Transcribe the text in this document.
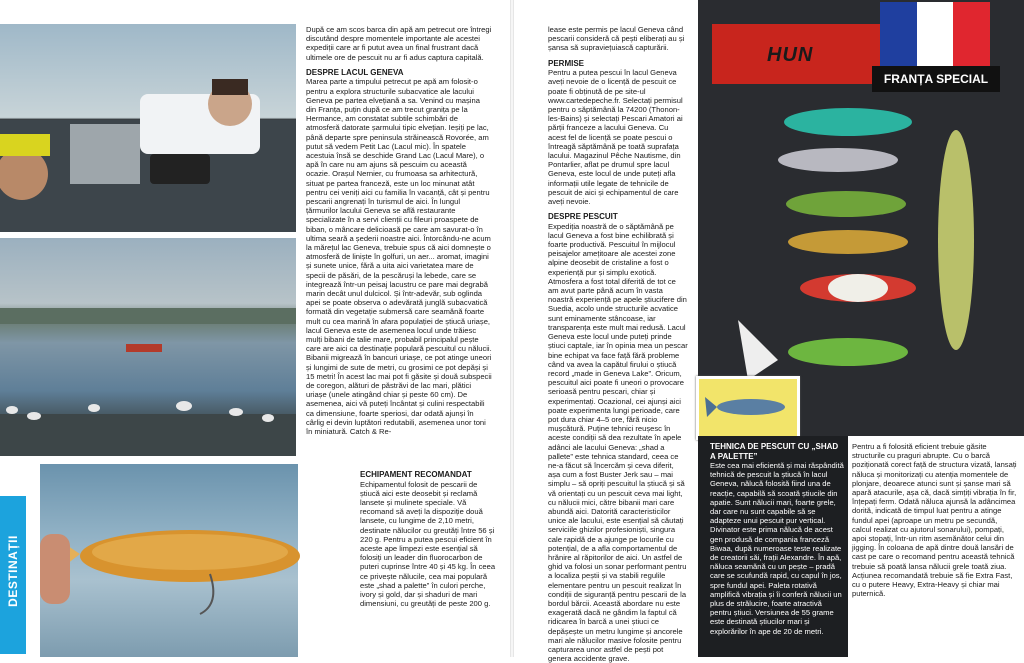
DESTINAȚII

După ce am scos barca din apă am petrecut ore întregi discutând despre momentele importante ale acestei expediții care ar fi putut avea un final frustrant dacă ultimele ore de pescuit nu ar fi adus captura capitală.

DESPRE LACUL GENEVA

Marea parte a timpului petrecut pe apă am folosit-o pentru a explora structurile subacvatice ale lacului Geneva pe partea elvețiană a sa. Venind cu mașina din Franța, puțin după ce am trecut granița pe la Hermance, am constatat subtile schimbări de atmosferă datorate șarmului tipic elvețian. Ieșiți pe lac, până departe spre peninsula străinească Rovorée, am putut să vedem Petit Lac (Lacul mic). În spatele acestuia însă se deschide Grand Lac (Lacul Mare), o apă în care nu am ajuns să pescuim cu această ocazie. Orașul Nernier, cu frumoasa sa arhitectură, situat pe partea franceză, este un loc minunat atât pentru cei veniți aici cu familia în vacanță, cât și pentru pescarii angrenați în turismul de aici. În lungul țărmurilor lacului Geneva se află restaurante specializate în a servi clienții cu fileuri proaspete de biban, o mâncare delicioasă pe care am savurat-o în ultima seară a șederii noastre aici. Întorcându-ne acum la mărețul lac Geneva, trebuie spus că aici domnește o atmosferă de liniște în golfuri, un aer... aromat, imagini și sunete unice, fără a uita aici varietatea mare de specii de păsări, de la pescăruși la lebede, care se integrează într-un peisaj lacustru ce pare mai degrabă marin decât unul dulcicol. Și într-adevăr, sub oglinda apei se poate observa o adevărată junglă subacvatică formată din vegetație submersă care seamănă foarte mult cu cea marină în afara populației de știucă uriașe, lacul Geneva este de asemenea locul unde trăiesc mulți bibani de talie mare, probabil principalul pește care are aici ca destinație populară pescuitul cu nălucii. Bibanii migrează în bancuri uriașe, ce pot atinge uneori și lungimi de sute de metri, cu grosimi ce pot depăși și 15 metri! În acest lac mai pot fi găsite și două subspecii de coregon, alături de păstrăvi de lac mari, plătici uriașe (unele atingând chiar și peste 60 cm). De asemenea, aici vă puteți încântat și culini respectabili ca dimensiune, foarte speriosi, dar odată ajunși în cârlig ei devin luptători redutabili, asemenea unor toni în miniatură. Catch & Re-

ECHIPAMENT RECOMANDAT

Echipamentul folosit de pescarii de știucă aici este deosebit și reclamă lansete și mulinete speciale. Vă recomand să aveți la dispoziție două lansete, cu lungime de 2,10 metri, destinate nălucilor cu greutăți între 56 și 220 g. Pentru a putea pescui eficient în aceste ape limpezi este esențial să folosiți un leader din fluorocarbon de puteri cuprinse între 40 și 45 kg. În ceea ce privește nălucile, cea mai populară este „shad a palette” în culori perche, ivory și gold, dar și shaduri de mari dimensiuni, cu greutăți de peste 200 g.

lease este permis pe lacul Geneva când pescarii consideră că pești eliberați au și șansa să supraviețuiască capturării.

PERMISE

Pentru a putea pescui în lacul Geneva aveți nevoie de o licență de pescuit ce poate fi obținută de pe site-ul www.cartedepeche.fr. Selectați permisul pentru o săptămână la 74200 (Thonon-les-Bains) și selectați Pescari Amatori ai părții franceze a lacului Geneva. Cu acest fel de licență se poate pescui o întreagă săptămână pe toată suprafața lacului. Magazinul Pêche Nautisme, din Pontarlier, aflat pe drumul spre lacul Geneva, este locul de unde puteți afla informații utile legate de tehnicile de pescuit de aici și echipamentul de care aveți nevoie.

DESPRE PESCUIT

Expediția noastră de o săptămână pe lacul Geneva a fost bine echilibrată și foarte productivă. Pescuitul în mijlocul peisajelor amețitoare ale acestei zone alpine deosebit de cristaline a fost o experiență pur și simplu exotică. Atmosfera a fost total diferită de tot ce am avut parte până acum în vasta noastră experiență pe apele știucifere din Suedia, acolo unde structurile acvatice sunt eminamente stâncoase, iar transparența este mult mai redusă. Lacul Geneva este locul unde puteți prinde știuci captale, iar în opinia mea un pescar bine echipat va face față fără probleme când va avea la capătul firului o știucă record „made in Geneva Lake”. Oricum, pescuitul aici poate fi uneori o provocare serioasă pentru pescari, chiar și experimentați. Ocazional, cei ajunși aici poate experimenta lungi perioade, care pot dura chiar 4–5 ore, fără nicio mușcătură. Puține tehnici reușesc în aceste condiții să dea rezultate în apele adânci ale lacului Geneva: „shad a pallete” este tehnica standard, ceea ce ne-a făcut să încercăm și ceva diferit, așa cum a fost Buster Jerk sau – mai simplu – să opriți pescuitul la știucă și să vă orientați cu un pescuit ceva mai light, cu nălucii mici, către bibanii mari care abundă aici. Datorită caracteristicilor unice ale lacului, este esențial să căutați serviciile ghizilor profesioniști, singura cale rapidă de a ajunge pe locurile cu potențial, de a afla comportamentul de hrănire al răpitorilor de aici. Un astfel de ghid va folosi un sonar performant pentru a localiza peștii și va stabili regulile elementare pentru un pescuit realizat în condiții de siguranță pentru pescarii de la bordul bărcii. Această abordare nu este exagerată dacă ne gândim la faptul că ridicarea în barcă a unei știuci ce depășește un metru lungime și ancorele mari ale nălucilor masive folosite pentru capturarea unor astfel de pești pot genera accidente grave.

HUN
FRANȚA SPECIAL
TEHNICA DE PESCUIT CU „SHAD A PALETTE”

Este cea mai eficientă și mai răspândită tehnică de pescuit la știucă în lacul Geneva, nălucă folosită fiind una de reacție, capabilă să scoată știucile din apatie. Sunt nălucii mari, foarte grele, dar care nu sunt capabile să se adapteze unui pescuit pur vertical. Divinator este prima nălucă de acest gen produsă de compania franceză Biwaa, după numeroase teste realizate de creatorii săi, frații Alexandre. În apă, năluca seamănă cu un pește – pradă care se scufundă rapid, cu capul în jos, spre fundul apei. Paleta rotativă amplifică vibrația și îi conferă nălucii un plus de strălucire, foarte atractivă pentru știuci. Versiunea de 55 grame este destinată știucilor mari și explorărilor în ape de 20 de metri.

Pentru a fi folosită eficient trebuie găsite structurile cu praguri abrupte. Cu o barcă poziționată corect față de structura vizată, lansați năluca și monitorizați cu atenția momentele de plonjare, deoarece atunci sunt și șanse mari să apară atacurile, așa că, dacă simțiți vibrația în fir, înțepați ferm. Odată năluca ajunsă la adâncimea dorită, indicată de timpul luat pentru a atinge fundul apei (aproape un metru pe secundă, calcul realizat cu ajutorul sonarului), pompați, apoi stopați, într-un ritm asemănător celui din jigging. În coloana de apă dintre două lansări de cast pe care o recomand pentru această tehnică trebuie să poată lansa nălucii grele toată ziua. Acțiunea recomandată trebuie să fie Extra Fast, cu o putere Heavy, Extra-Heavy și chiar mai puternică.
